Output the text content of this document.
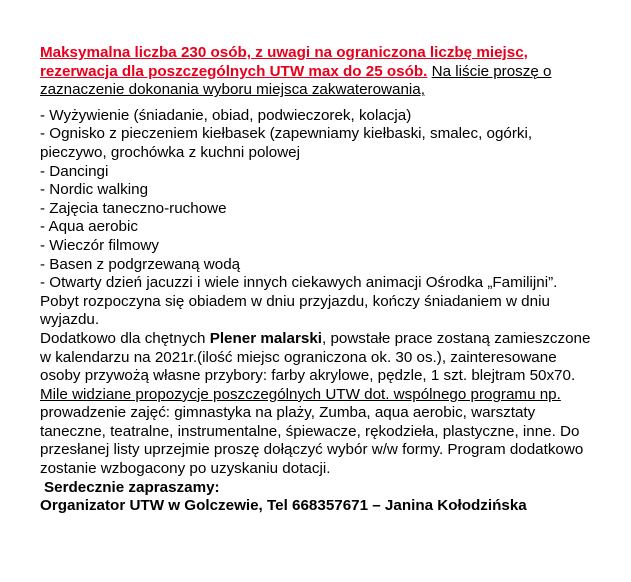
Maksymalna liczba 230 osób, z uwagi na ograniczona liczbę miejsc, rezerwacja dla poszczególnych UTW max do 25 osób. Na liście proszę o zaznaczenie dokonania wyboru miejsca zakwaterowania,

- Wyżywienie (śniadanie, obiad, podwieczorek, kolacja)
- Ognisko z pieczeniem kiełbasek (zapewniamy kiełbaski, smalec, ogórki, pieczywo, grochówka z kuchni polowej
- Dancingi
- Nordic walking
- Zajęcia taneczno-ruchowe
- Aqua aerobic
- Wieczór filmowy
- Basen z podgrzewaną wodą
- Otwarty dzień jacuzzi i wiele innych ciekawych animacji Ośrodka „Familijni”.

Pobyt rozpoczyna się obiadem w dniu przyjazdu, kończy śniadaniem w dniu wyjazdu.

Dodatkowo dla chętnych Plener malarski, powstałe prace zostaną zamieszczone w kalendarzu na 2021r.(ilość miejsc ograniczona ok. 30 os.), zainteresowane osoby przywożą własne przybory: farby akrylowe, pędzle, 1 szt. blejtram 50x70.

Mile widziane propozycje poszczególnych UTW dot. wspólnego programu np. prowadzenie zajęć: gimnastyka na plaży, Zumba, aqua aerobic, warsztaty taneczne, teatralne, instrumentalne, śpiewacze, rękodzieła, plastyczne, inne. Do przesłanej listy uprzejmie proszę dołączyć wybór w/w formy. Program dodatkowo zostanie wzbogacony po uzyskaniu dotacji.

Serdecznie zapraszamy:
Organizator UTW w Golczewie, Tel 668357671 – Janina Kołodzińska
